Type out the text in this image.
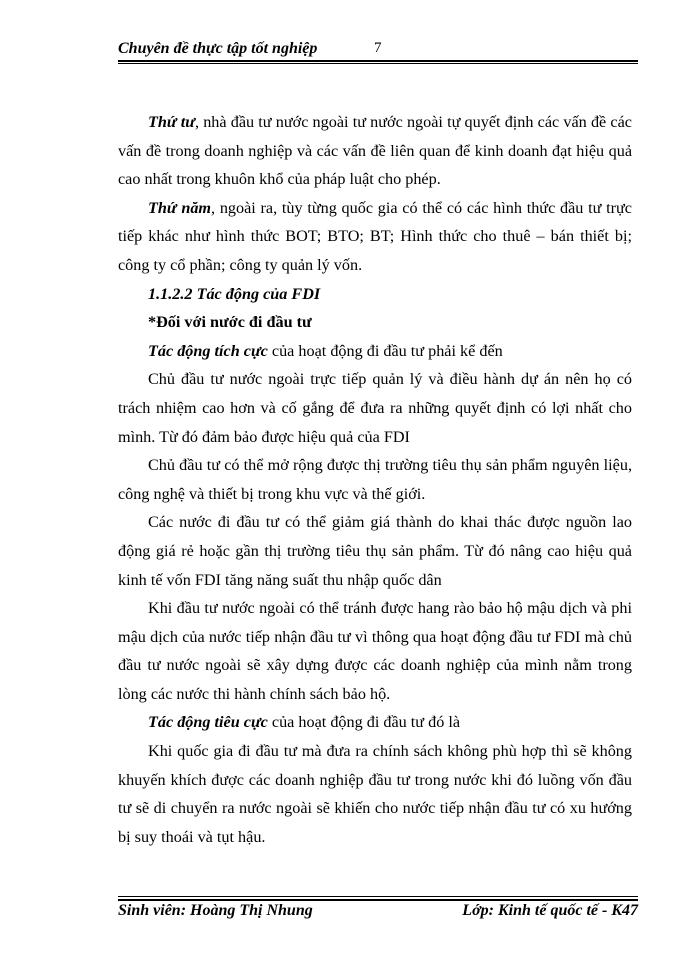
Chuyên đề thực tập tốt nghiệp	7

Thứ tư, nhà đầu tư nước ngoài tư nước ngoài tự quyết định các vấn đề các vấn đề trong doanh nghiệp và các vấn đề liên quan để kinh doanh đạt hiệu quả cao nhất trong khuôn khổ của pháp luật cho phép.

Thứ năm, ngoài ra, tùy từng quốc gia có thể có các hình thức đầu tư trực tiếp khác như hình thức BOT; BTO; BT; Hình thức cho thuê – bán thiết bị; công ty cổ phần; công ty quản lý vốn.

1.1.2.2 Tác động của FDI

*Đối với nước đi đầu tư

Tác động tích cực của hoạt động đi đầu tư phải kể đến

Chủ đầu tư nước ngoài trực tiếp quản lý và điều hành dự án nên họ có trách nhiệm cao hơn và cố gắng để đưa ra những quyết định có lợi nhất cho mình. Từ đó đảm bảo được hiệu quả của FDI

Chủ đầu tư có thể mở rộng được thị trường tiêu thụ sản phẩm nguyên liệu, công nghệ và thiết bị trong khu vực và thế giới.

Các nước đi đầu tư có thể giảm giá thành do khai thác được nguồn lao động giá rẻ hoặc gần thị trường tiêu thụ sản phẩm. Từ đó nâng cao hiệu quả kinh tế vốn FDI tăng năng suất thu nhập quốc dân

Khi đầu tư nước ngoài có thể tránh được hang rào bảo hộ mậu dịch và phi mậu dịch của nước tiếp nhận đầu tư vì thông qua hoạt động đầu tư FDI mà chủ đầu tư nước ngoài sẽ xây dựng được các doanh nghiệp của mình nằm trong lòng các nước thi hành chính sách bảo hộ.

Tác động tiêu cực của hoạt động đi đầu tư đó là

Khi quốc gia đi đầu tư mà đưa ra chính sách không phù hợp thì sẽ không khuyến khích được các doanh nghiệp đầu tư trong nước khi đó luồng vốn đầu tư sẽ di chuyển ra nước ngoài sẽ khiến cho nước tiếp nhận đầu tư có xu hướng bị suy thoái và tụt hậu.

Sinh viên: Hoàng Thị Nhung	Lớp: Kinh tế quốc tế - K47
